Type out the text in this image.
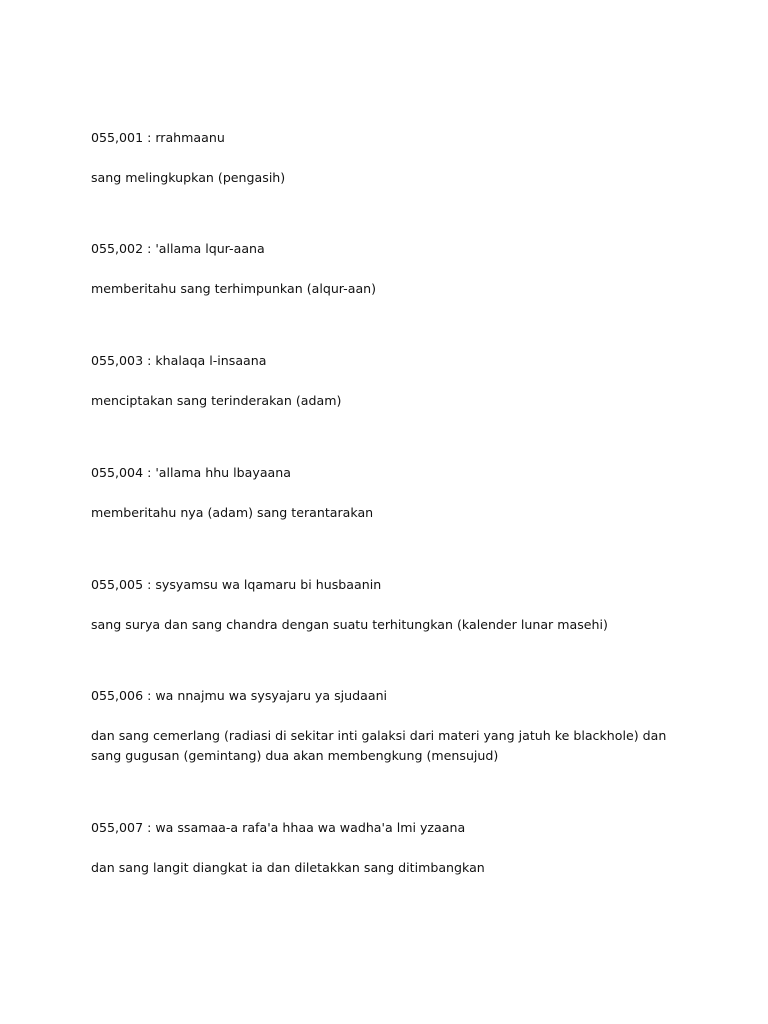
055,001 : rrahmaanu

sang melingkupkan (pengasih)

055,002 : 'allama lqur-aana

memberitahu sang terhimpunkan (alqur-aan)

055,003 : khalaqa l-insaana

menciptakan sang terinderakan (adam)

055,004 : 'allama hhu lbayaana

memberitahu nya (adam) sang terantarakan

055,005 : sysyamsu wa lqamaru bi husbaanin

sang surya dan sang chandra dengan suatu terhitungkan (kalender lunar masehi)

055,006 : wa nnajmu wa sysyajaru ya sjudaani

dan sang cemerlang (radiasi di sekitar inti galaksi dari materi yang jatuh ke blackhole) dan sang gugusan (gemintang) dua akan membengkung (mensujud)

055,007 : wa ssamaa-a rafa'a hhaa wa wadha'a lmi yzaana

dan sang langit diangkat ia dan diletakkan sang ditimbangkan
